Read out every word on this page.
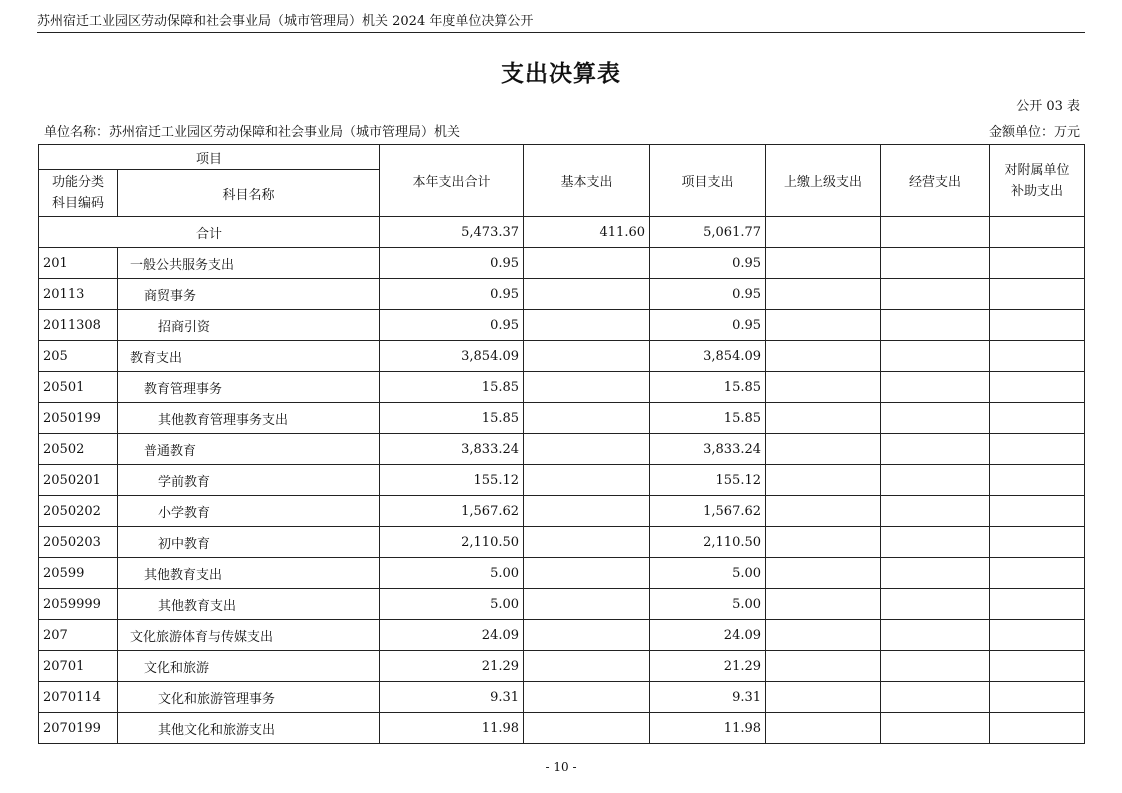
苏州宿迁工业园区劳动保障和社会事业局（城市管理局）机关 2024 年度单位决算公开
支出决算表
公开 03 表
单位名称：苏州宿迁工业园区劳动保障和社会事业局（城市管理局）机关	金额单位：万元
项目		本年支出合计	基本支出	项目支出	上缴上级支出	经营支出	对附属单位
补助支出
功能分类
科目编码	科目名称						
合计		5,473.37	411.60	5,061.77			
201	一般公共服务支出	0.95		0.95			
20113	商贸事务	0.95		0.95			
2011308	招商引资	0.95		0.95			
205	教育支出	3,854.09		3,854.09			
20501	教育管理事务	15.85		15.85			
2050199	其他教育管理事务支出	15.85		15.85			
20502	普通教育	3,833.24		3,833.24			
2050201	学前教育	155.12		155.12			
2050202	小学教育	1,567.62		1,567.62			
2050203	初中教育	2,110.50		2,110.50			
20599	其他教育支出	5.00		5.00			
2059999	其他教育支出	5.00		5.00			
207	文化旅游体育与传媒支出	24.09		24.09			
20701	文化和旅游	21.29		21.29			
2070114	文化和旅游管理事务	9.31		9.31			
2070199	其他文化和旅游支出	11.98		11.98			
- 10 -
